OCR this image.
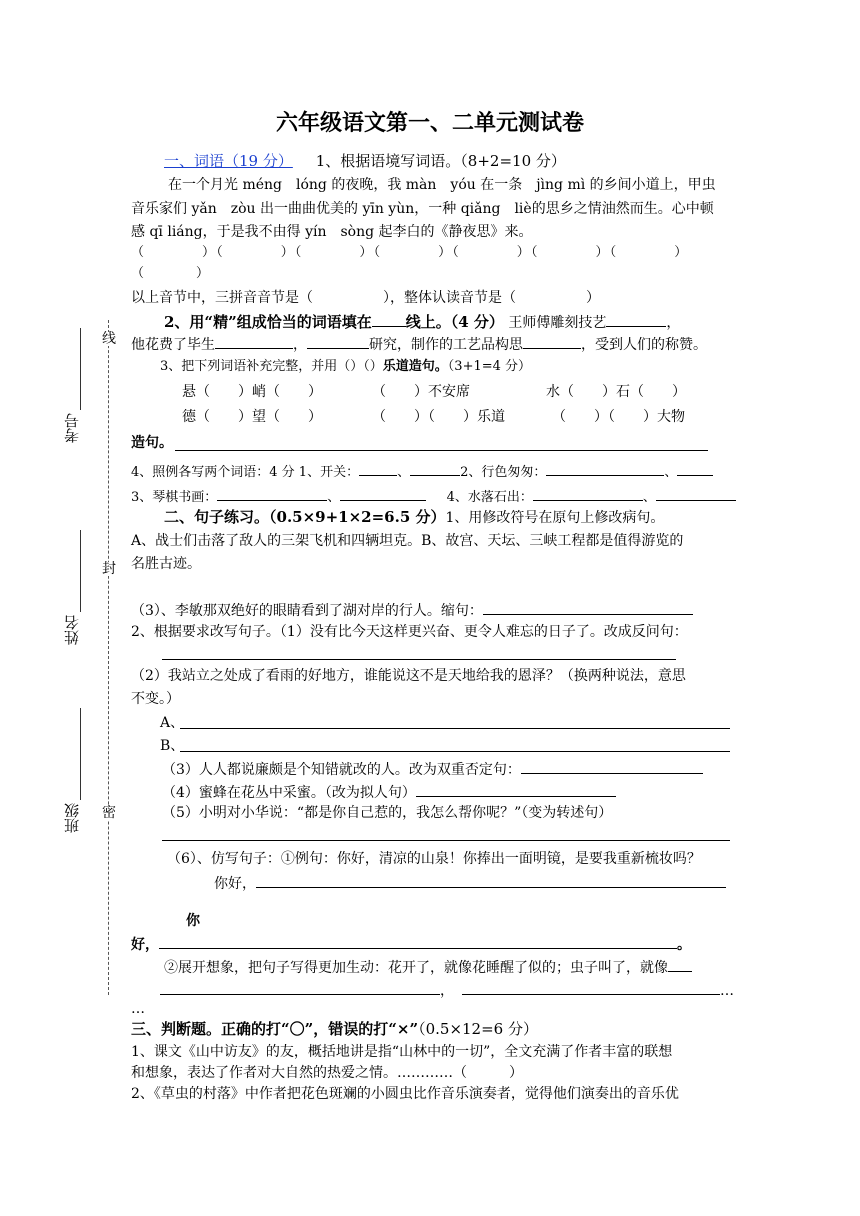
线
封
密
考号
姓名
班级
六年级语文第一、二单元测试卷
一、词语（19 分） 1、根据语境写词语。（8+2=10 分）
在一个月光 méng　lóng 的夜晚，我 màn　yóu 在一条　jìng mì 的乡间小道上，甲虫
音乐家们 yǎn　zòu 出一曲曲优美的 yīn yùn，一种 qiǎng　liè的思乡之情油然而生。心中顿
感 qī liáng，于是我不由得 yín　sòng 起李白的《静夜思》来。
（　　　　）（　　　　）（　　　　）（　　　　）（　　　　）（　　　　）（　　　　）
（　　　　）
以上音节中，三拼音音节是（　　　　　），整体认读音节是（　　　　　）
2、用“精”组成恰当的词语填在 线上。（4 分） 王师傅雕刻技艺	，
他花费了毕生	，	研究，制作的工艺品构思	，受到人们的称赞。
3、把下列词语补充完整，并用（）（）乐道造句。（3+1=4 分）
悬（　　）峭（　　）	（　　）不安席	水（　　）石（　　）
德（　　）望（　　）	（　　）（　　）乐道	（　　）（　　）大物
造句。
4、照例各写两个词语：4 分 1、开关：	、	2、行色匆匆：	、
3、琴棋书画：	、	4、水落石出：	、
二、句子练习。（0.5×9+1×2=6.5 分）1、用修改符号在原句上修改病句。
A、战士们击落了敌人的三架飞机和四辆坦克。B、故宫、天坛、三峡工程都是值得游览的
名胜古迹。
（3）、李敏那双绝好的眼睛看到了湖对岸的行人。缩句：
2、根据要求改写句子。（1）没有比今天这样更兴奋、更令人难忘的日子了。改成反问句：
（2）我站立之处成了看雨的好地方，谁能说这不是天地给我的恩泽？（换两种说法，意思
不变。）
A、
B、
（3）人人都说廉颇是个知错就改的人。改为双重否定句：
（4）蜜蜂在花丛中采蜜。（改为拟人句）
（5）小明对小华说：“都是你自己惹的，我怎么帮你呢？”（变为转述句）
（6）、仿写句子：①例句：你好，清凉的山泉！你捧出一面明镜，是要我重新梳妆吗？
你好，
你
好，	。
②展开想象，把句子写得更加生动：花开了，就像花睡醒了似的；虫子叫了，就像
，	…
…
三、判断题。正确的打“〇”，错误的打“×”（0.5×12=6 分）
1、课文《山中访友》的友，概括地讲是指“山林中的一切”，全文充满了作者丰富的联想
和想象，表达了作者对大自然的热爱之情。…………（　　　）
2、《草虫的村落》中作者把花色斑斓的小圆虫比作音乐演奏者，觉得他们演奏出的音乐优
